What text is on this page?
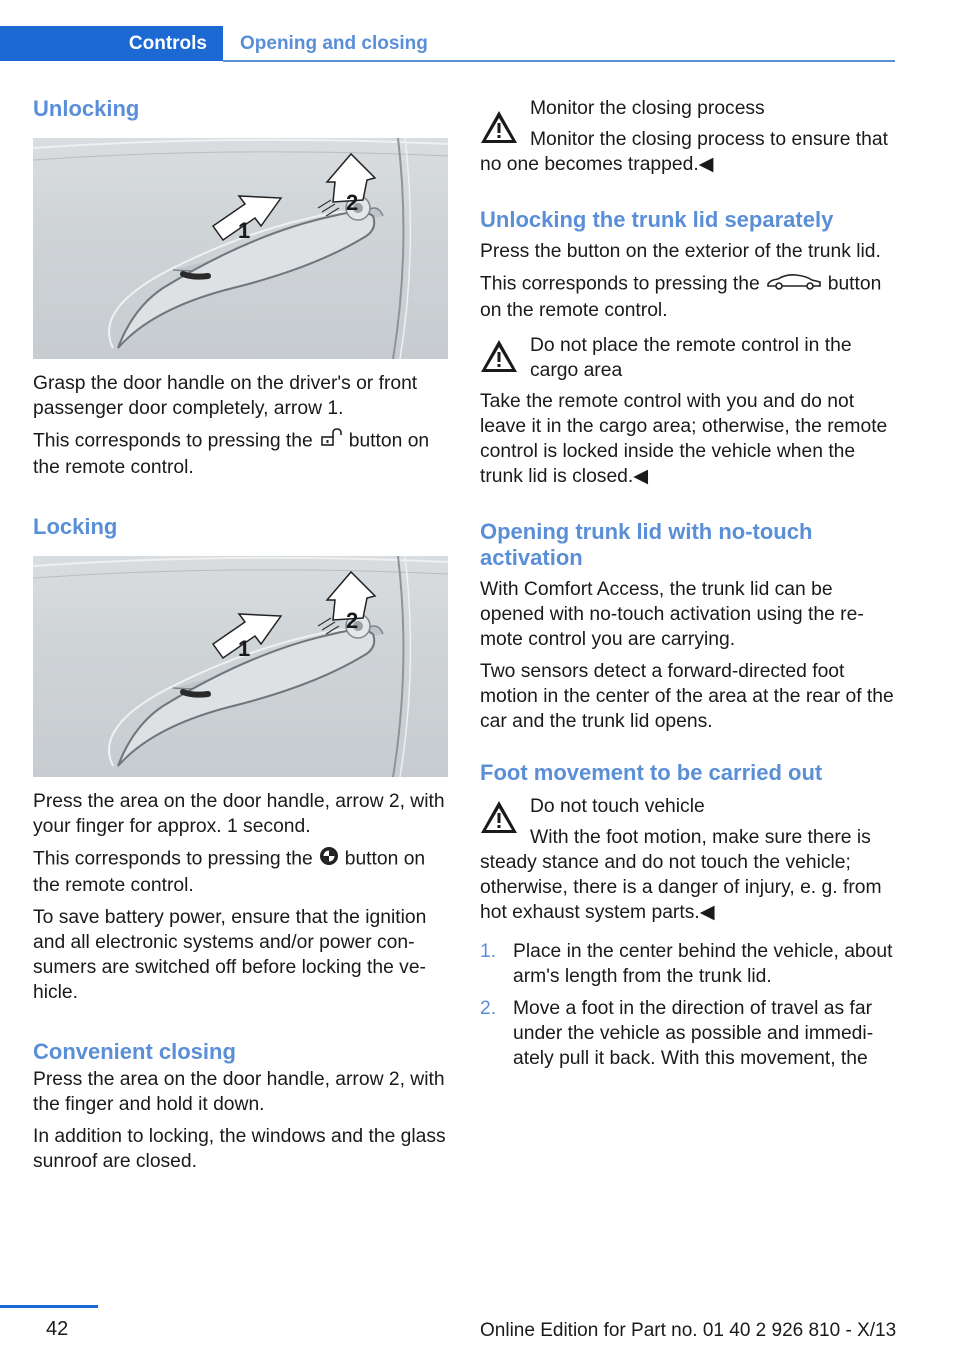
Controls	Opening and closing
Unlocking
1
2

Grasp the door handle on the driver's or front passenger door completely, arrow 1.

This corresponds to pressing the button on the remote control.

Locking
1
2

Press the area on the door handle, arrow 2, with your finger for approx. 1 second.

This corresponds to pressing the button on the remote control.

To save battery power, ensure that the ignition and all electronic systems and/or power consumers are switched off before locking the vehicle.

Convenient closing

Press the area on the door handle, arrow 2, with the finger and hold it down.

In addition to locking, the windows and the glass sunroof are closed.

Monitor the closing process
Monitor the closing process to ensure that no one becomes trapped.◀
Unlocking the trunk lid separately

Press the button on the exterior of the trunk lid.

This corresponds to pressing the	button on the remote control.

Do not place the remote control in the cargo area
Take the remote control with you and do not leave it in the cargo area; otherwise, the remote control is locked inside the vehicle when the trunk lid is closed.◀
Opening trunk lid with no-touch activation

With Comfort Access, the trunk lid can be opened with no-touch activation using the remote control you are carrying.

Two sensors detect a forward-directed foot motion in the center of the area at the rear of the car and the trunk lid opens.

Foot movement to be carried out
Do not touch vehicle
With the foot motion, make sure there is steady stance and do not touch the vehicle; otherwise, there is a danger of injury, e. g. from hot exhaust system parts.◀
1. Place in the center behind the vehicle, about arm's length from the trunk lid.
2. Move a foot in the direction of travel as far under the vehicle as possible and immediately pull it back. With this movement, the
42	Online Edition for Part no. 01 40 2 926 810 - X/13
